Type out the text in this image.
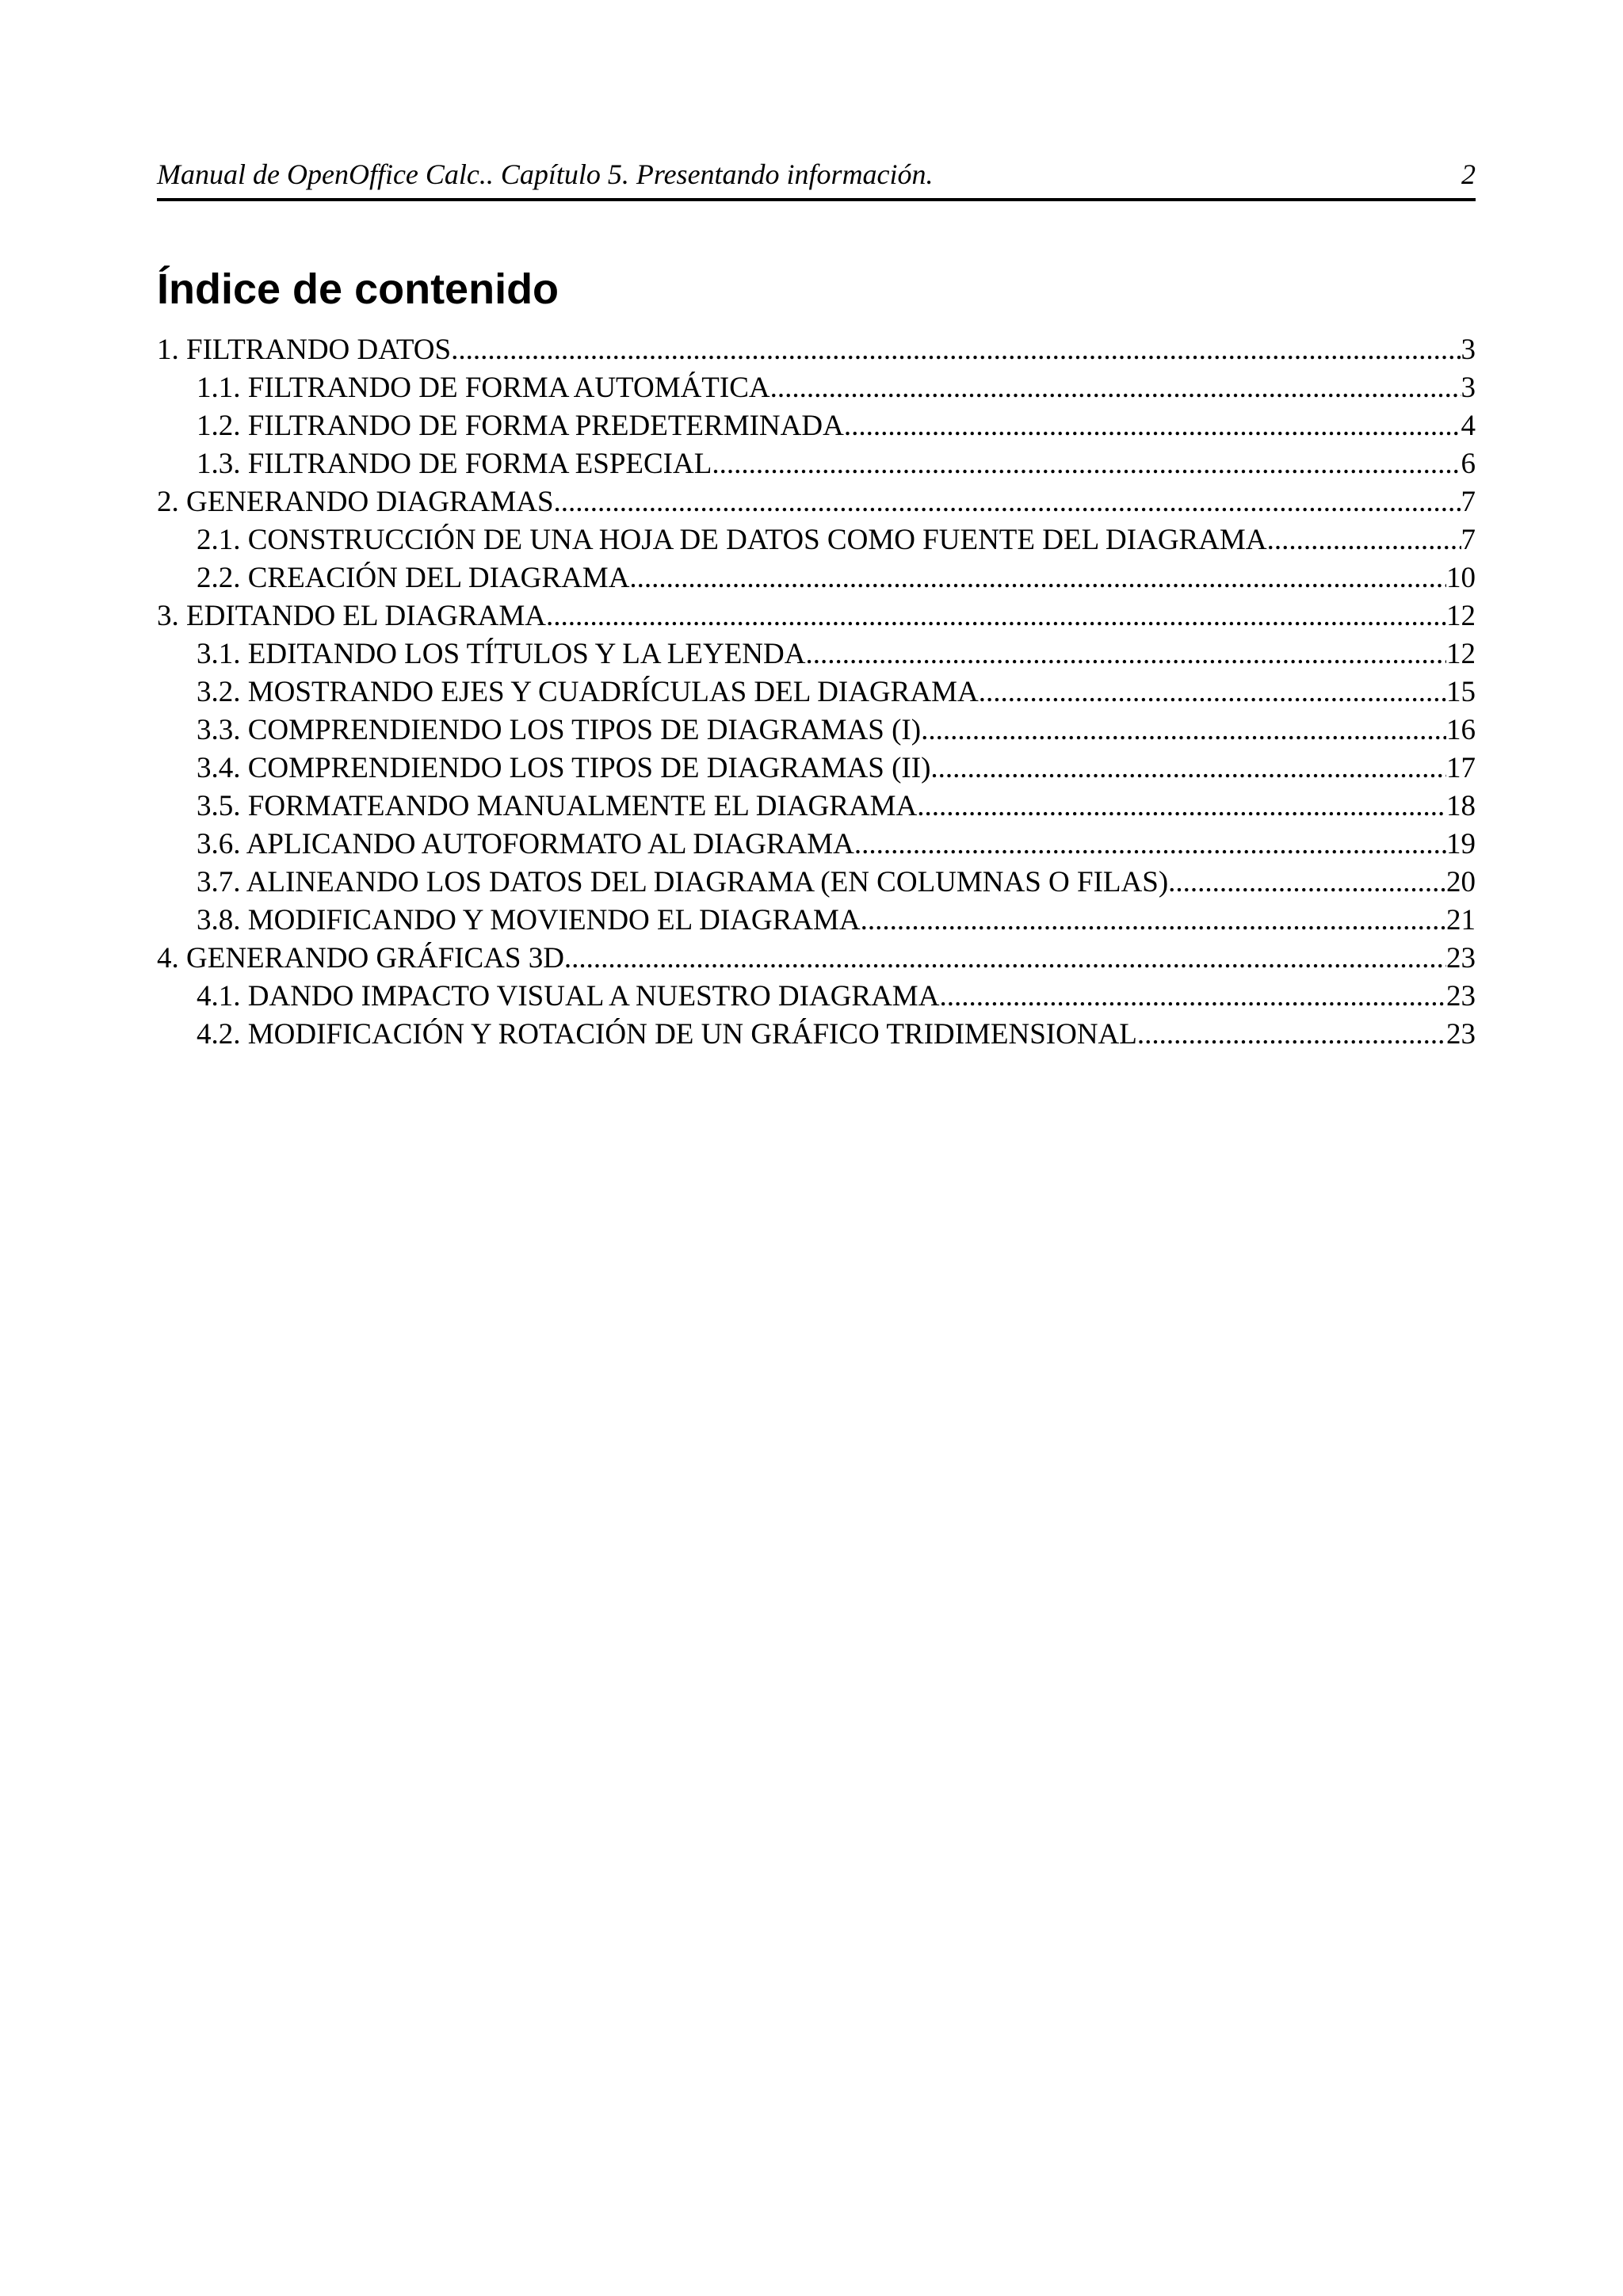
Manual de OpenOffice Calc.. Capítulo 5. Presentando información.	2
Índice de contenido
1. FILTRANDO DATOS .....	3
1.1. FILTRANDO DE FORMA AUTOMÁTICA .....	3
1.2. FILTRANDO DE FORMA PREDETERMINADA .....	4
1.3. FILTRANDO DE FORMA ESPECIAL .....	6
2. GENERANDO DIAGRAMAS .....	7
2.1. CONSTRUCCIÓN DE UNA HOJA DE DATOS COMO FUENTE DEL DIAGRAMA .....	7
2.2. CREACIÓN DEL DIAGRAMA .....	10
3. EDITANDO EL DIAGRAMA .....	12
3.1. EDITANDO LOS TÍTULOS Y LA LEYENDA .....	12
3.2. MOSTRANDO EJES Y CUADRÍCULAS DEL DIAGRAMA .....	15
3.3. COMPRENDIENDO LOS TIPOS DE DIAGRAMAS (I) .....	16
3.4. COMPRENDIENDO LOS TIPOS DE DIAGRAMAS (II) .....	17
3.5. FORMATEANDO MANUALMENTE EL DIAGRAMA .....	18
3.6. APLICANDO AUTOFORMATO AL DIAGRAMA .....	19
3.7. ALINEANDO LOS DATOS DEL DIAGRAMA (EN COLUMNAS O FILAS) .....	20
3.8. MODIFICANDO Y MOVIENDO EL DIAGRAMA .....	21
4. GENERANDO GRÁFICAS 3D .....	23
4.1. DANDO IMPACTO VISUAL A NUESTRO DIAGRAMA .....	23
4.2. MODIFICACIÓN Y ROTACIÓN DE UN GRÁFICO TRIDIMENSIONAL .....	23
